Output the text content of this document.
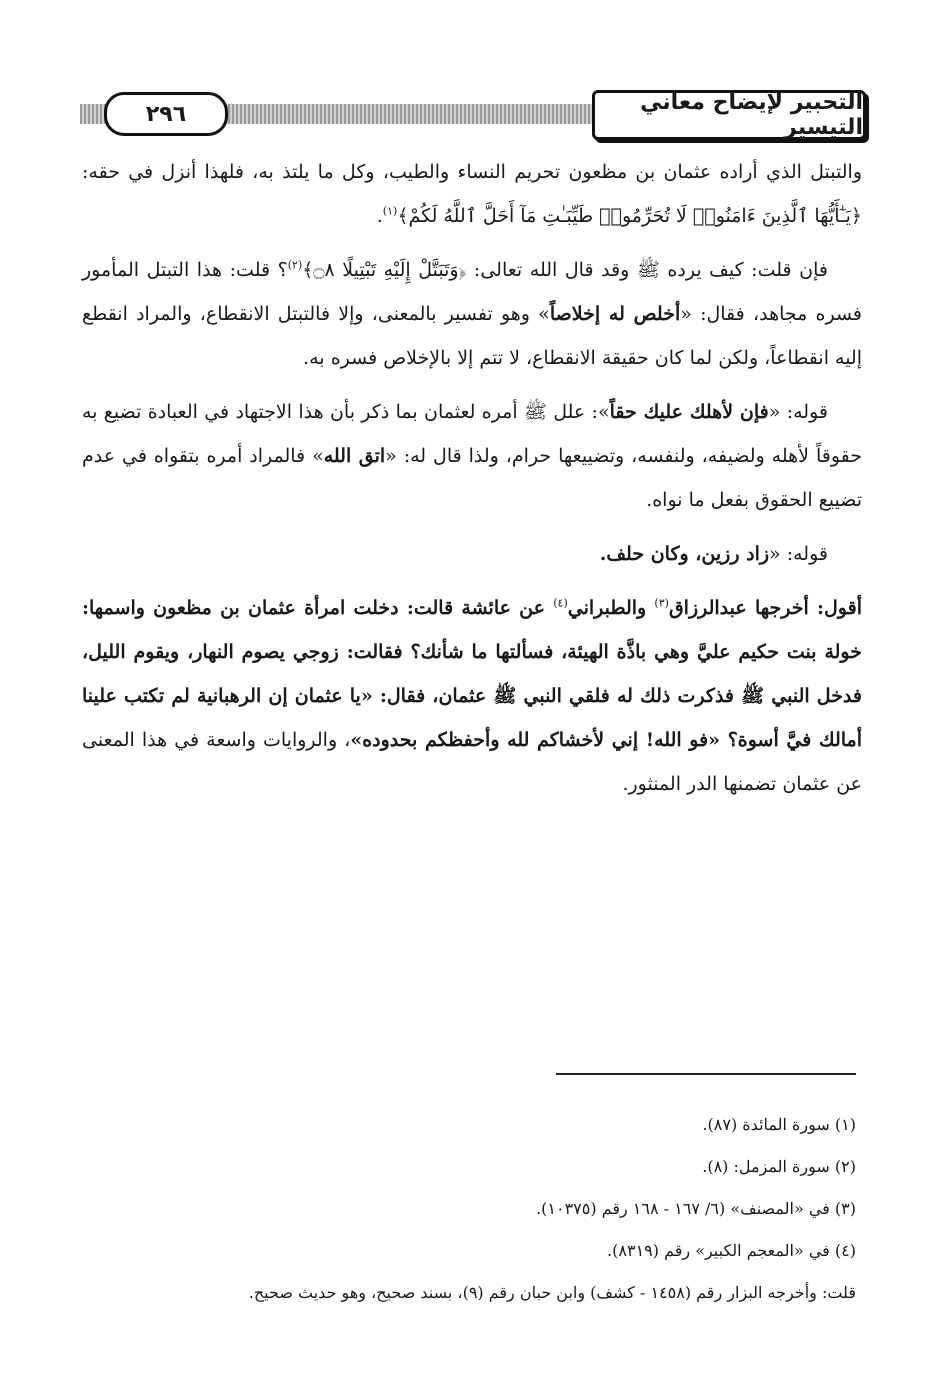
التحبير لإيضاح معاني التيسير
٢٩٦

والتبتل الذي أراده عثمان بن مظعون تحريم النساء والطيب، وكل ما يلتذ به، فلهذا أنزل في حقه: ﴿يَـٰٓأَيُّهَا ٱلَّذِينَ ءَامَنُوا۟ لَا تُحَرِّمُوا۟ طَيِّبَـٰتِ مَآ أَحَلَّ ٱللَّهُ لَكُمْ﴾$^{(١)}$.

فإن قلت: كيف يرده ﷺ وقد قال الله تعالى: ﴿وَتَبَتَّلْ إِلَيْهِ تَبْتِيلًا ۝٨﴾$^{(٢)}$؟ قلت: هذا التبتل المأمور فسره مجاهد، فقال: «أخلص له إخلاصاً» وهو تفسير بالمعنى، وإلا فالتبتل الانقطاع، والمراد انقطع إليه انقطاعاً، ولكن لما كان حقيقة الانقطاع، لا تتم إلا بالإخلاص فسره به.

قوله: «فإن لأهلك عليك حقاً»: علل ﷺ أمره لعثمان بما ذكر بأن هذا الاجتهاد في العبادة تضيع به حقوقاً لأهله ولضيفه، ولنفسه، وتضييعها حرام، ولذا قال له: «اتق الله» فالمراد أمره بتقواه في عدم تضييع الحقوق بفعل ما نواه.

قوله: «زاد رزين، وكان حلف.

أقول: أخرجها عبدالرزاق$^{(٣)}$ والطبراني$^{(٤)}$ عن عائشة قالت: دخلت امرأة عثمان بن مظعون واسمها: خولة بنت حكيم عليَّ وهي باذَّة الهيئة، فسألتها ما شأنك؟ فقالت: زوجي يصوم النهار، ويقوم الليل، فدخل النبي ﷺ فذكرت ذلك له فلقي النبي ﷺ عثمان، فقال: «يا عثمان إن الرهبانية لم تكتب علينا أمالك فيَّ أسوة؟ «فو الله! إني لأخشاكم لله وأحفظكم بحدوده»، والروايات واسعة في هذا المعنى عن عثمان تضمنها الدر المنثور.

(١) سورة المائدة (٨٧).
(٢) سورة المزمل: (٨).
(٣) في «المصنف» (٦/ ١٦٧ - ١٦٨ رقم (١٠٣٧٥).
(٤) في «المعجم الكبير» رقم (٨٣١٩).
قلت: وأخرجه البزار رقم (١٤٥٨ - كشف) وابن حبان رقم (٩)، بسند صحيح، وهو حديث صحيح.
